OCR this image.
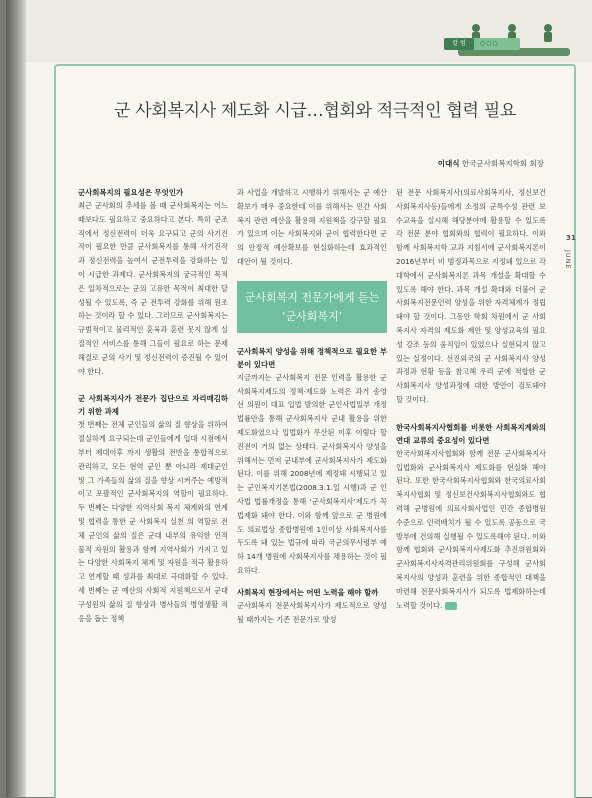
칼 럼	○○○
군 사회복지사 제도화 시급…협회와 적극적인 협력 필요
이대식 한국군사회복지학회 회장

군사회복지의 필요성은 무엇인가

최근 군사회의 추세를 볼 때 군사회복지는 어느 때보다도 필요하고 중요하다고 본다. 특히 군조직에서 정신전력이 더욱 요구되고 군의 사기진작이 필요한 만큼 군사회복지를 통해 사기진작과 정신전력을 높여서 군전투력을 강화하는 일이 시급한 과제다. 군사회복지의 궁극적인 목적은 일차적으로는 군의 고유한 목적이 최대한 달성될 수 있도록, 즉 군 전투력 강화를 위해 원조하는 것이라 할 수 있다. 그러므로 군사회복지는 규범적이고 물리적인 훈육과 훈련 못지 않게 실질적인 서비스를 통해 그들이 필요로 하는 문제해결로 군의 사기 및 정신전력이 증진될 수 있어야 한다.

군 사회복지사가 전문가 집단으로 자리매김하기 위한 과제

첫 번째는 전체 군인들의 삶의 질 향상을 위하여 절실하게 요구되는데 군인들에게 입대 시점에서부터 제대이후 까지 생활의 전반을 통합적으로 관리하고, 모든 현역 군인 뿐 아니라 제대군인 및 그 가족들의 삶의 질을 향상 시켜주는 예방적이고 포괄적인 군사회복지의 역할이 필요하다. 두 번째는 다양한 지역사회 복지 체계와의 연계 및 협력을 통한 군 사회복지 실천 의 역할로 전체 군인의 삶의 질은 군대 내부의 유익한 인적 물적 자원의 활용과 함께 지역사회가 가지고 있는 다양한 사회복지 체계 및 자원을 적극 활용하고 연계할 때 성과를 최대로 극대화할 수 있다. 세 번째는 군 예산의 사회적 지원책으로서 군대 구성원의 삶의 질 향상과 병사들의 병영생활 적응을 돕는 정책

과 사업을 개발하고 시행하기 위해서는 군 예산확보가 매우 중요한데 이를 위해서는 민간 사회복지 관련 예산을 활용해 지원책을 강구할 필요가 있으며 이는 사회복지와 군이 협력한다면 군의 안정적 예산확보를 현실화하는데 효과적인 대안이 될 것이다.

군사회복지 전문가에게 듣는 ‘군사회복지’

군사회복지 양성을 위해 정책적으로 필요한 부분이 있다면

지금까지는 군사회복지 전문 인력을 활용한 군사회복지제도의 정책·제도화 노력은 과거 송영선 의원이 대표 입법 발의한 군인사법일부 개정 법률안을 통해 군사회복지사 군내 활용을 위한 제도화였으나 입법화가 무산된 이후 이렇다 할 진전이 거의 없는 상태다. 군사회복지사 양성을 위해서는 먼저 군내부에 군사회복지사가 제도화된다. 이를 위해 2008년에 제정돼 시행되고 있는 군인복지기본법(2008.3.1.일 시행)과 군 인사법 법률개정을 통해 ‘군사회복지사’제도가 꼭 법제화 돼야 한다. 이와 함께 앞으로 군 병원에도 의료법상 종합병원에 1인이상 사회복지사를 두도록 돼 있는 법규에 따라 국군의무사령부 예하 14개 병원에 사회복지사를 채용하는 것이 필요하다.

사회복지 현장에서는 어떤 노력을 해야 할까

군사회복지 전문사회복지사가 제도적으로 양성될 때까지는 기존 전문가로 양성

된 전문 사회복지사(의료사회복지사, 정신보건 사회복지사등)들에게 소정의 군특수성 관련 보수교육을 실시해 해당분야에 활용할 수 있도록 각 전문 분야 협회와의 협력이 필요하다. 이와 함께 사회복지학 교과 지침서에 군사회복지론이 2016년부터 비 범정과목으로 지정돼 있으로 각 대학에서 군사회복지론 과목 개설을 확대할 수 있도록 해야 한다. 과목 개설 확대와 더불어 군사회복지전문인력 양성을 위한 자격체계가 정립돼야 할 것이다. 그동안 학회 차원에서 군 사회복지사 자격의 제도화 제안 및 양성교육의 필요성 강조 등의 움직임이 있었으나 실현되지 않고 있는 실정이다. 선진외국의 군 사회복지사 양성과정과 현황 등을 참고해 우리 군에 적합한 군 사회복지사 양성과정에 대한 방안이 검토돼야 할 것이다.

한국사회복지사협회를 비롯한 사회복지계와의 연대 교류의 중요성이 있다면

한국사회복지사협회와 함께 전문 군사회복지사 입법화와 군사회복지사 제도화를 현실화 해야 된다. 또한 한국사회복지사협회와 한국의료사회복지사협회 및 정신보건사회복지사협회와도 협력해 군병원에 의료사회사업인 민간 종합병원 수준으로 인력배치가 될 수 있도록 공동으로 국방부에 건의해 실행될 수 있도록해야 된다. 이와 함께 협회와 군사회복지사제도화 추진위원회와 군사회복지사자격관리위원회를 구성해 군사회복지사의 양성과 훈련을 위한 종합적인 대책을 마련해 전문사회복지사가 되도록 법제화하는데 노력할 것이다.

31
JUNE
